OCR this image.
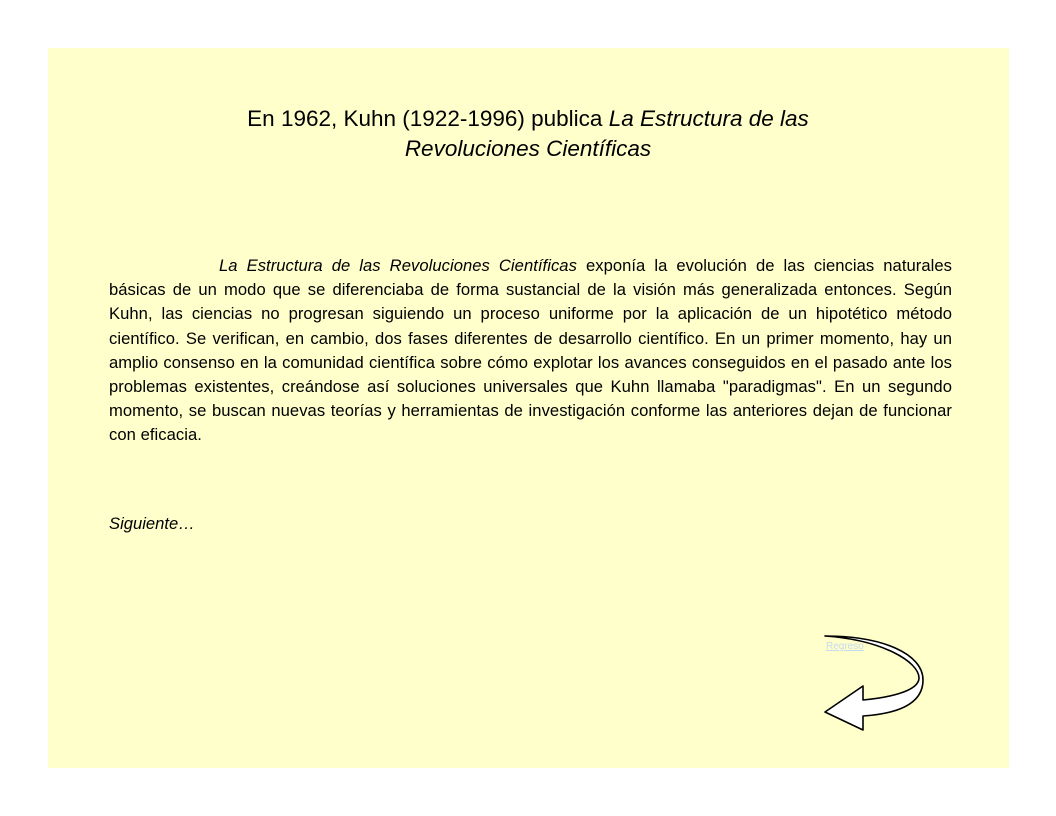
En 1962, Kuhn (1922-1996) publica La Estructura de las
Revoluciones Científicas
La Estructura de las Revoluciones Científicas exponía la evolución de las ciencias naturales básicas de un modo que se diferenciaba de forma sustancial de la visión más generalizada entonces. Según Kuhn, las ciencias no progresan siguiendo un proceso uniforme por la aplicación de un hipotético método científico. Se verifican, en cambio, dos fases diferentes de desarrollo científico. En un primer momento, hay un amplio consenso en la comunidad científica sobre cómo explotar los avances conseguidos en el pasado ante los problemas existentes, creándose así soluciones universales que Kuhn llamaba "paradigmas". En un segundo momento, se buscan nuevas teorías y herramientas de investigación conforme las anteriores dejan de funcionar con eficacia.
Siguiente…
Regreso
